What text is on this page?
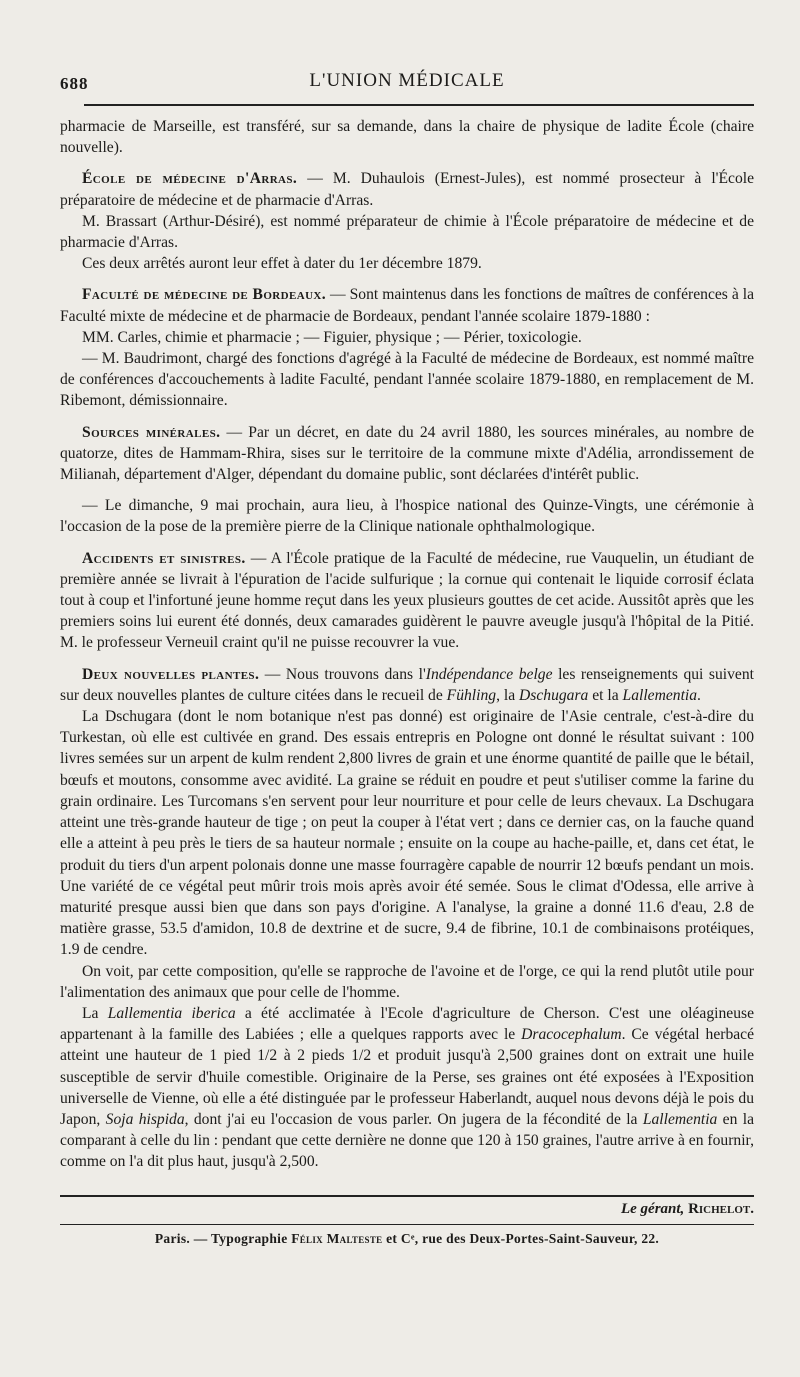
688	L'UNION MÉDICALE

pharmacie de Marseille, est transféré, sur sa demande, dans la chaire de physique de ladite École (chaire nouvelle).

École de médecine d'Arras. — M. Duhaulois (Ernest-Jules), est nommé prosecteur à l'École préparatoire de médecine et de pharmacie d'Arras.

M. Brassart (Arthur-Désiré), est nommé préparateur de chimie à l'École préparatoire de médecine et de pharmacie d'Arras.

Ces deux arrêtés auront leur effet à dater du 1er décembre 1879.

Faculté de médecine de Bordeaux. — Sont maintenus dans les fonctions de maîtres de conférences à la Faculté mixte de médecine et de pharmacie de Bordeaux, pendant l'année scolaire 1879-1880 :

MM. Carles, chimie et pharmacie ; — Figuier, physique ; — Périer, toxicologie.

— M. Baudrimont, chargé des fonctions d'agrégé à la Faculté de médecine de Bordeaux, est nommé maître de conférences d'accouchements à ladite Faculté, pendant l'année scolaire 1879-1880, en remplacement de M. Ribemont, démissionnaire.

Sources minérales. — Par un décret, en date du 24 avril 1880, les sources minérales, au nombre de quatorze, dites de Hammam-Rhira, sises sur le territoire de la commune mixte d'Adélia, arrondissement de Milianah, département d'Alger, dépendant du domaine public, sont déclarées d'intérêt public.

— Le dimanche, 9 mai prochain, aura lieu, à l'hospice national des Quinze-Vingts, une cérémonie à l'occasion de la pose de la première pierre de la Clinique nationale ophthalmologique.

Accidents et sinistres. — A l'École pratique de la Faculté de médecine, rue Vauquelin, un étudiant de première année se livrait à l'épuration de l'acide sulfurique ; la cornue qui contenait le liquide corrosif éclata tout à coup et l'infortuné jeune homme reçut dans les yeux plusieurs gouttes de cet acide. Aussitôt après que les premiers soins lui eurent été donnés, deux camarades guidèrent le pauvre aveugle jusqu'à l'hôpital de la Pitié. M. le professeur Verneuil craint qu'il ne puisse recouvrer la vue.

Deux nouvelles plantes. — Nous trouvons dans l'Indépendance belge les renseignements qui suivent sur deux nouvelles plantes de culture citées dans le recueil de Fühling, la Dschugara et la Lallementia.

La Dschugara (dont le nom botanique n'est pas donné) est originaire de l'Asie centrale, c'est-à-dire du Turkestan, où elle est cultivée en grand. Des essais entrepris en Pologne ont donné le résultat suivant : 100 livres semées sur un arpent de kulm rendent 2,800 livres de grain et une énorme quantité de paille que le bétail, bœufs et moutons, consomme avec avidité. La graine se réduit en poudre et peut s'utiliser comme la farine du grain ordinaire. Les Turcomans s'en servent pour leur nourriture et pour celle de leurs chevaux. La Dschugara atteint une très-grande hauteur de tige ; on peut la couper à l'état vert ; dans ce dernier cas, on la fauche quand elle a atteint à peu près le tiers de sa hauteur normale ; ensuite on la coupe au hache-paille, et, dans cet état, le produit du tiers d'un arpent polonais donne une masse fourragère capable de nourrir 12 bœufs pendant un mois. Une variété de ce végétal peut mûrir trois mois après avoir été semée. Sous le climat d'Odessa, elle arrive à maturité presque aussi bien que dans son pays d'origine. A l'analyse, la graine a donné 11.6 d'eau, 2.8 de matière grasse, 53.5 d'amidon, 10.8 de dextrine et de sucre, 9.4 de fibrine, 10.1 de combinaisons protéiques, 1.9 de cendre.

On voit, par cette composition, qu'elle se rapproche de l'avoine et de l'orge, ce qui la rend plutôt utile pour l'alimentation des animaux que pour celle de l'homme.

La Lallementia iberica a été acclimatée à l'Ecole d'agriculture de Cherson. C'est une oléagineuse appartenant à la famille des Labiées ; elle a quelques rapports avec le Dracocephalum. Ce végétal herbacé atteint une hauteur de 1 pied 1/2 à 2 pieds 1/2 et produit jusqu'à 2,500 graines dont on extrait une huile susceptible de servir d'huile comestible. Originaire de la Perse, ses graines ont été exposées à l'Exposition universelle de Vienne, où elle a été distinguée par le professeur Haberlandt, auquel nous devons déjà le pois du Japon, Soja hispida, dont j'ai eu l'occasion de vous parler. On jugera de la fécondité de la Lallementia en la comparant à celle du lin : pendant que cette dernière ne donne que 120 à 150 graines, l'autre arrive à en fournir, comme on l'a dit plus haut, jusqu'à 2,500.

Le gérant, Richelot.
Paris. — Typographie Félix Malteste et Cᵉ, rue des Deux-Portes-Saint-Sauveur, 22.
